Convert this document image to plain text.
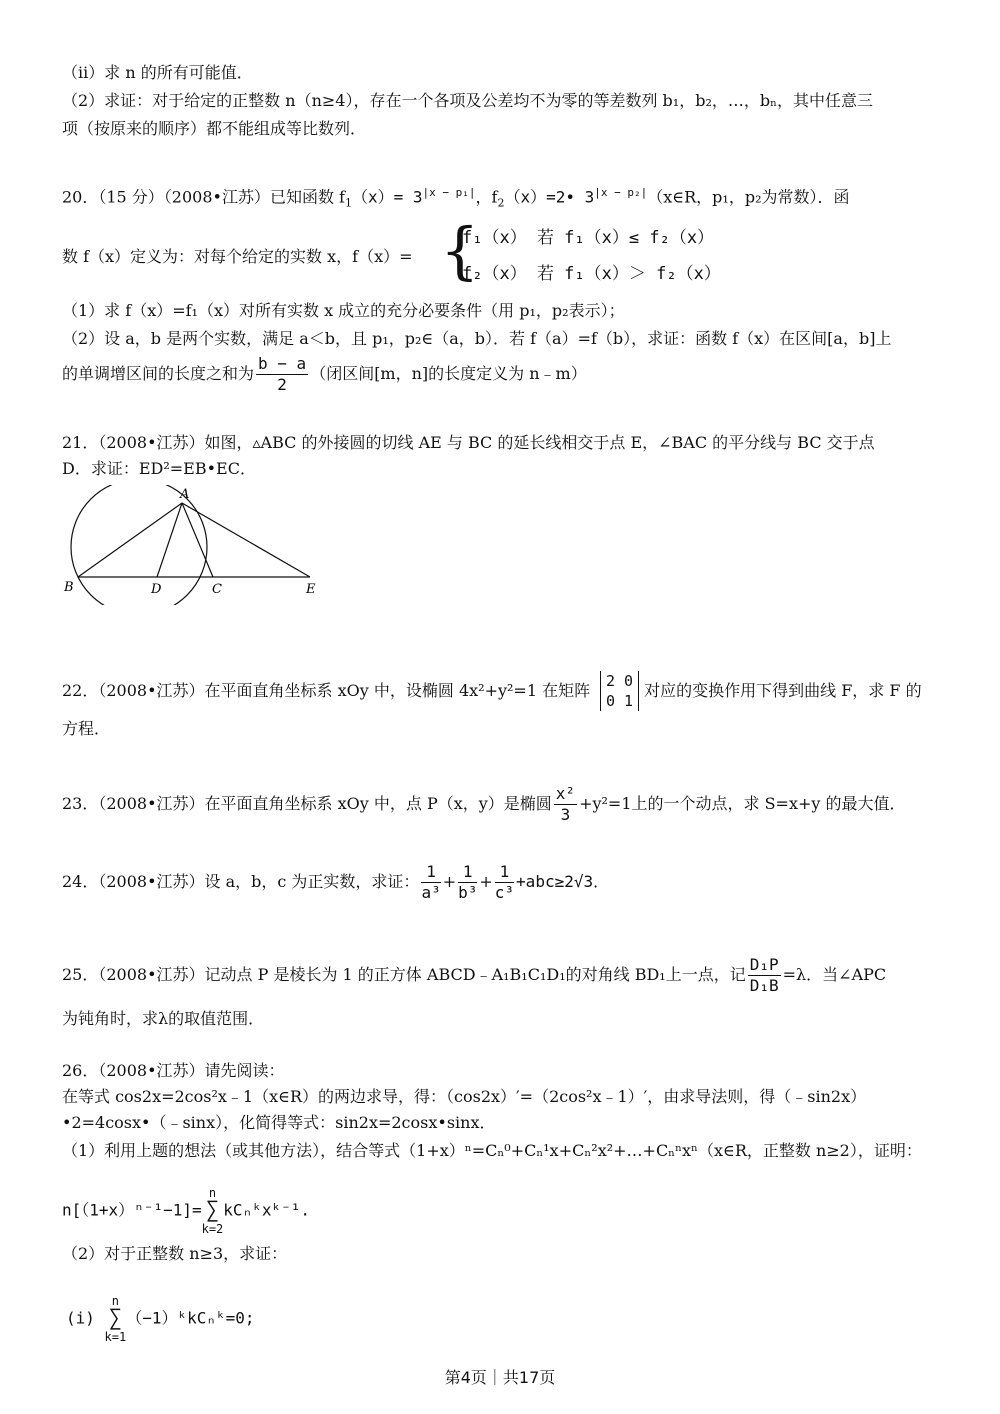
（ii）求 n 的所有可能值．
（2）求证：对于给定的正整数 n（n≥4），存在一个各项及公差均不为零的等差数列 b₁，b₂，…，bₙ，其中任意三
项（按原来的顺序）都不能组成等比数列．
20．（15 分）（2008•江苏）已知函数 $f_1(x)= 3^{|x - p_1|}$，$f_2(x)=2•$ $3^{|x - p_2|}(x\in R$，p₁，p₂为常数）．函
数 f（x）定义为：对每个给定的实数 x，f（x）= {
f₁（x） 若 f₁（x）≤ f₂（x）
f₂（x） 若 f₁（x）＞ f₂（x）
（1）求 f（x）=f₁（x）对所有实数 x 成立的充分必要条件（用 p₁，p₂表示）；
（2）设 a，b 是两个实数，满足 a＜b，且 p₁，p₂∈（a，b）．若 f（a）=f（b），求证：函数 f（x）在区间[a，b]上
的单调增区间的长度之和为 $\frac{b - a}{2}$ （闭区间[m，n]的长度定义为 n﹣m）
21．（2008•江苏）如图，▵ABC 的外接圆的切线 AE 与 BC 的延长线相交于点 E，∠BAC 的平分线与 BC 交于点
D．求证：ED²=EB•EC．
A
B	D	C	E
22．（2008•江苏）在平面直角坐标系 xOy 中，设椭圆 4x²+y²=1 在矩阵	对应的变换作用下得到曲线 F，求 F 的
2 0
0 1
方程．
23．（2008•江苏）在平面直角坐标系 xOy 中，点 P（x，y）是椭圆 $\frac{\text{x²}}{3} +y^2=1$上的一个动点，求 S=x+y 的最大值．
24．（2008•江苏）设 a，b，c 为正实数，求证： $\frac{1}{\text{a³}} + \frac{1}{\text{b³}} + \frac{1}{\text{c³}} +abc\ge 2√3$．
25．（2008•江苏）记动点 P 是棱长为 1 的正方体 ABCD﹣A₁B₁C₁D₁的对角线 BD₁上一点，记 $\frac{\text{D₁P}}{\text{D₁B}} =\lambda$．当∠APC
为钝角时，求λ的取值范围．
26．（2008•江苏）请先阅读：
在等式 cos2x=2cos²x﹣1（x∈R）的两边求导，得：（cos2x）′=（2cos²x﹣1）′，由求导法则，得（﹣sin2x）
•2=4cosx•（﹣sinx），化简得等式：sin2x=2cosx•sinx．
（1）利用上题的想法（或其他方法），结合等式（1+x）ⁿ=Cₙ⁰+Cₙ¹x+Cₙ²x²+…+Cₙⁿxⁿ（x∈R，正整数 n≥2），证明：
n[（1+x）ⁿ⁻¹−1]=
n
∑
k=2
kCₙᵏxᵏ⁻¹.
（2）对于正整数 n≥3，求证：
(i)
n
∑
k=1
（−1）ᵏkCₙᵏ=0;
第4页｜共17页
